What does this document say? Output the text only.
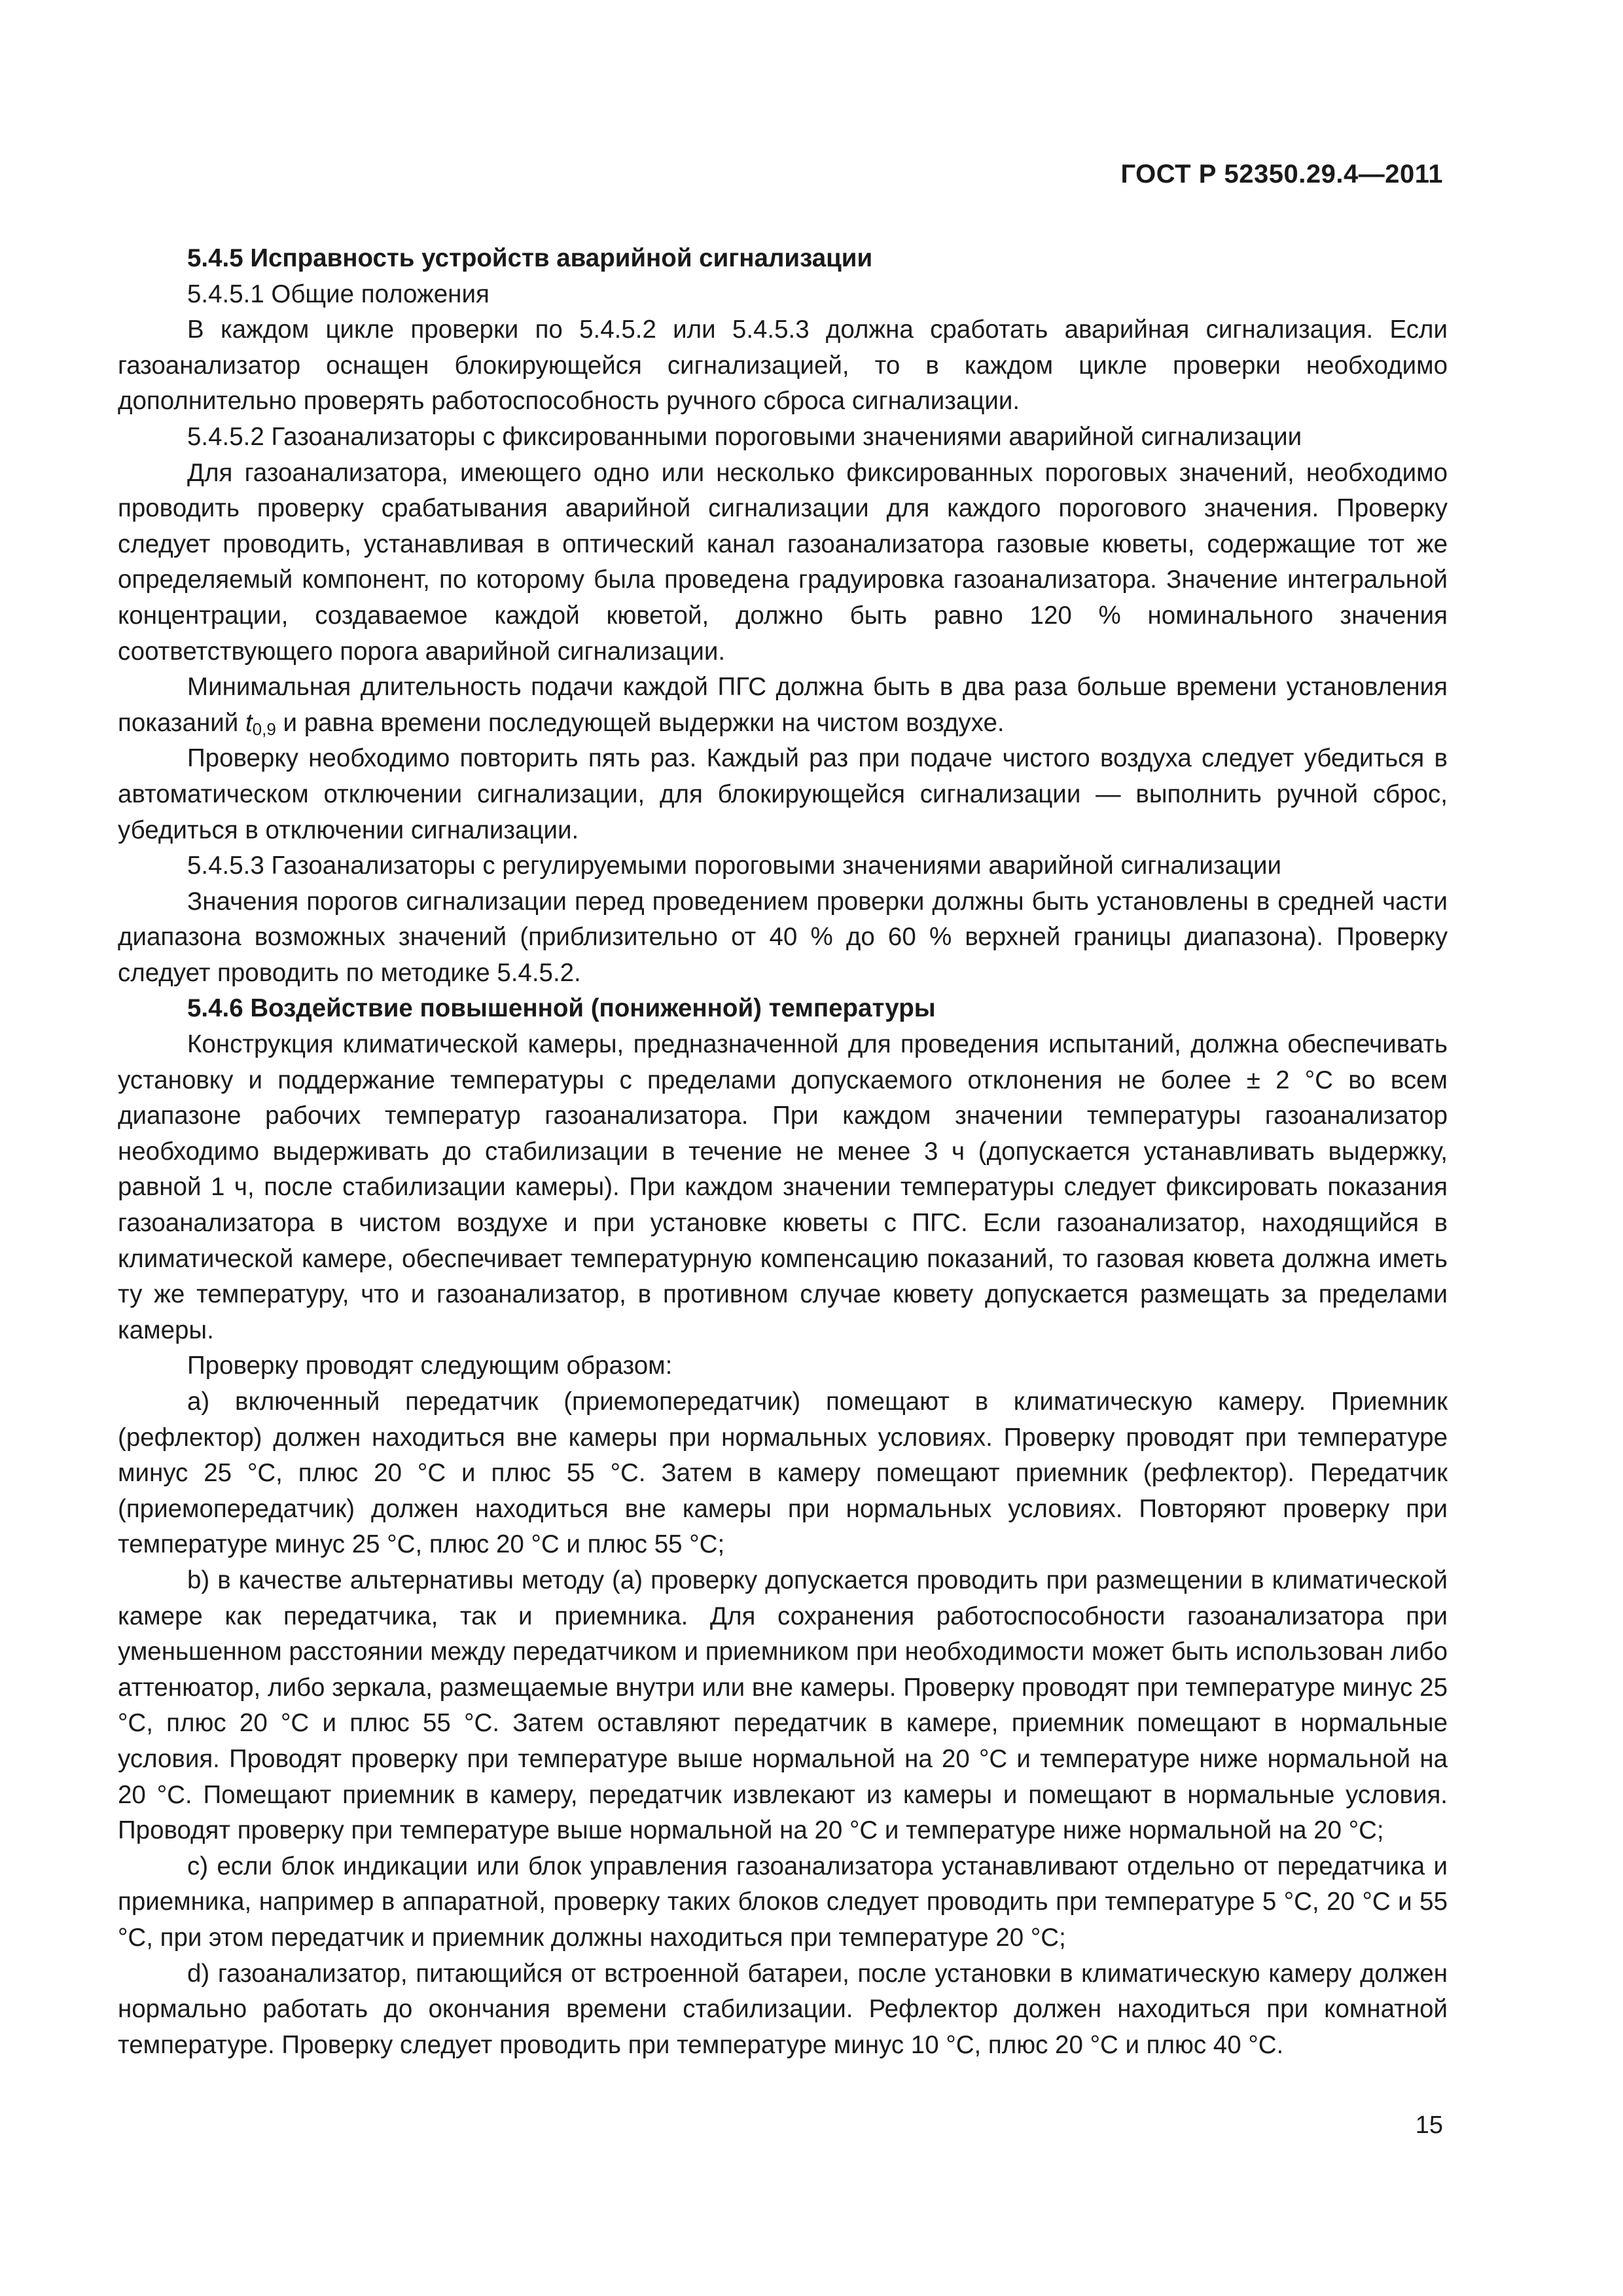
ГОСТ Р 52350.29.4—2011

5.4.5 Исправность устройств аварийной сигнализации

5.4.5.1 Общие положения

В каждом цикле проверки по 5.4.5.2 или 5.4.5.3 должна сработать аварийная сигнализация. Если газоанализатор оснащен блокирующейся сигнализацией, то в каждом цикле проверки необходимо дополнительно проверять работоспособность ручного сброса сигнализации.

5.4.5.2 Газоанализаторы с фиксированными пороговыми значениями аварийной сигнализации

Для газоанализатора, имеющего одно или несколько фиксированных пороговых значений, необходимо проводить проверку срабатывания аварийной сигнализации для каждого порогового значения. Проверку следует проводить, устанавливая в оптический канал газоанализатора газовые кюветы, содержащие тот же определяемый компонент, по которому была проведена градуировка газоанализатора. Значение интегральной концентрации, создаваемое каждой кюветой, должно быть равно 120 % номинального значения соответствующего порога аварийной сигнализации.

Минимальная длительность подачи каждой ПГС должна быть в два раза больше времени установления показаний $t_{0,9}$ и равна времени последующей выдержки на чистом воздухе.

Проверку необходимо повторить пять раз. Каждый раз при подаче чистого воздуха следует убедиться в автоматическом отключении сигнализации, для блокирующейся сигнализации — выполнить ручной сброс, убедиться в отключении сигнализации.

5.4.5.3 Газоанализаторы с регулируемыми пороговыми значениями аварийной сигнализации

Значения порогов сигнализации перед проведением проверки должны быть установлены в средней части диапазона возможных значений (приблизительно от 40 % до 60 % верхней границы диапазона). Проверку следует проводить по методике 5.4.5.2.

5.4.6 Воздействие повышенной (пониженной) температуры

Конструкция климатической камеры, предназначенной для проведения испытаний, должна обеспечивать установку и поддержание температуры с пределами допускаемого отклонения не более ± 2 °С во всем диапазоне рабочих температур газоанализатора. При каждом значении температуры газоанализатор необходимо выдерживать до стабилизации в течение не менее 3 ч (допускается устанавливать выдержку, равной 1 ч, после стабилизации камеры). При каждом значении температуры следует фиксировать показания газоанализатора в чистом воздухе и при установке кюветы с ПГС. Если газоанализатор, находящийся в климатической камере, обеспечивает температурную компенсацию показаний, то газовая кювета должна иметь ту же температуру, что и газоанализатор, в противном случае кювету допускается размещать за пределами камеры.

Проверку проводят следующим образом:

a) включенный передатчик (приемопередатчик) помещают в климатическую камеру. Приемник (рефлектор) должен находиться вне камеры при нормальных условиях. Проверку проводят при температуре минус 25 °С, плюс 20 °С и плюс 55 °С. Затем в камеру помещают приемник (рефлектор). Передатчик (приемопередатчик) должен находиться вне камеры при нормальных условиях. Повторяют проверку при температуре минус 25 °С, плюс 20 °С и плюс 55 °С;

b) в качестве альтернативы методу (а) проверку допускается проводить при размещении в климатической камере как передатчика, так и приемника. Для сохранения работоспособности газоанализатора при уменьшенном расстоянии между передатчиком и приемником при необходимости может быть использован либо аттенюатор, либо зеркала, размещаемые внутри или вне камеры. Проверку проводят при температуре минус 25 °С, плюс 20 °С и плюс 55 °С. Затем оставляют передатчик в камере, приемник помещают в нормальные условия. Проводят проверку при температуре выше нормальной на 20 °С и температуре ниже нормальной на 20 °С. Помещают приемник в камеру, передатчик извлекают из камеры и помещают в нормальные условия. Проводят проверку при температуре выше нормальной на 20 °С и температуре ниже нормальной на 20 °С;

c) если блок индикации или блок управления газоанализатора устанавливают отдельно от передатчика и приемника, например в аппаратной, проверку таких блоков следует проводить при температуре 5 °С, 20 °С и 55 °С, при этом передатчик и приемник должны находиться при температуре 20 °С;

d) газоанализатор, питающийся от встроенной батареи, после установки в климатическую камеру должен нормально работать до окончания времени стабилизации. Рефлектор должен находиться при комнатной температуре. Проверку следует проводить при температуре минус 10 °С, плюс 20 °С и плюс 40 °С.

15
